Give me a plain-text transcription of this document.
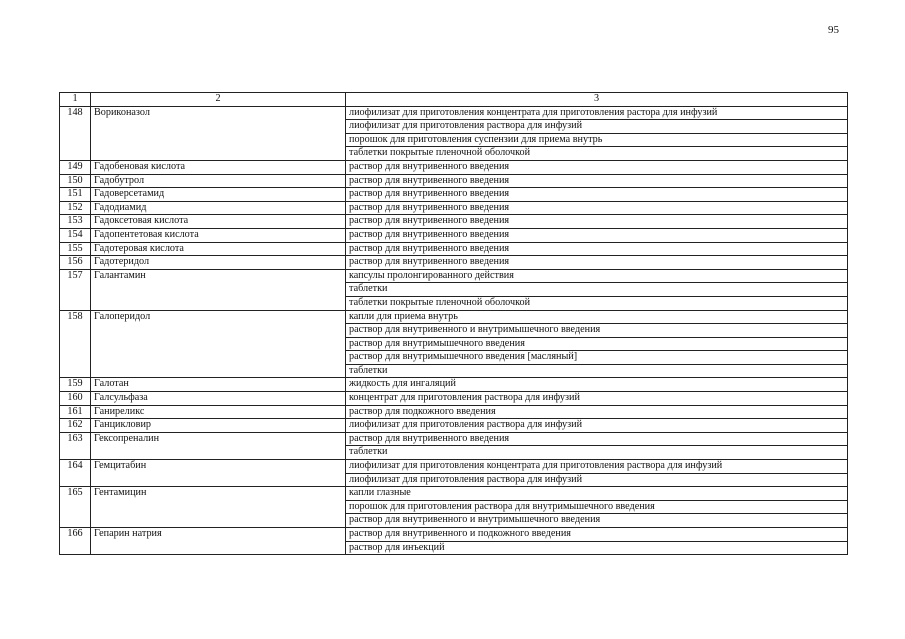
95
1	2	3
148	Вориконазол	лиофилизат для приготовления концентрата для приготовления растора для инфузий
		лиофилизат для приготовления раствора для инфузий
		порошок для приготовления суспензии для приема внутрь
		таблетки покрытые пленочной оболочкой
149	Гадобеновая кислота	раствор для внутривенного введения
150	Гадобутрол	раствор для внутривенного введения
151	Гадоверсетамид	раствор для внутривенного введения
152	Гадодиамид	раствор для внутривенного введения
153	Гадоксетовая кислота	раствор для внутривенного введения
154	Гадопентетовая кислота	раствор для внутривенного введения
155	Гадотеровая кислота	раствор для внутривенного введения
156	Гадотеридол	раствор для внутривенного введения
157	Галантамин	капсулы пролонгированного действия
		таблетки
		таблетки покрытые пленочной оболочкой
158	Галоперидол	капли для приема внутрь
		раствор для внутривенного и внутримышечного введения
		раствор для внутримышечного введения
		раствор для внутримышечного введения [масляный]
		таблетки
159	Галотан	жидкость для ингаляций
160	Галсульфаза	концентрат для приготовления раствора для инфузий
161	Ганиреликс	раствор для подкожного введения
162	Ганцикловир	лиофилизат для приготовления раствора для инфузий
163	Гексопреналин	раствор для внутривенного введения
		таблетки
164	Гемцитабин	лиофилизат для приготовления концентрата для приготовления раствора для инфузий
		лиофилизат для приготовления раствора для инфузий
165	Гентамицин	капли глазные
		порошок для приготовления раствора для внутримышечного введения
		раствор для внутривенного и внутримышечного введения
166	Гепарин натрия	раствор для внутривенного и подкожного введения
		раствор для инъекций
